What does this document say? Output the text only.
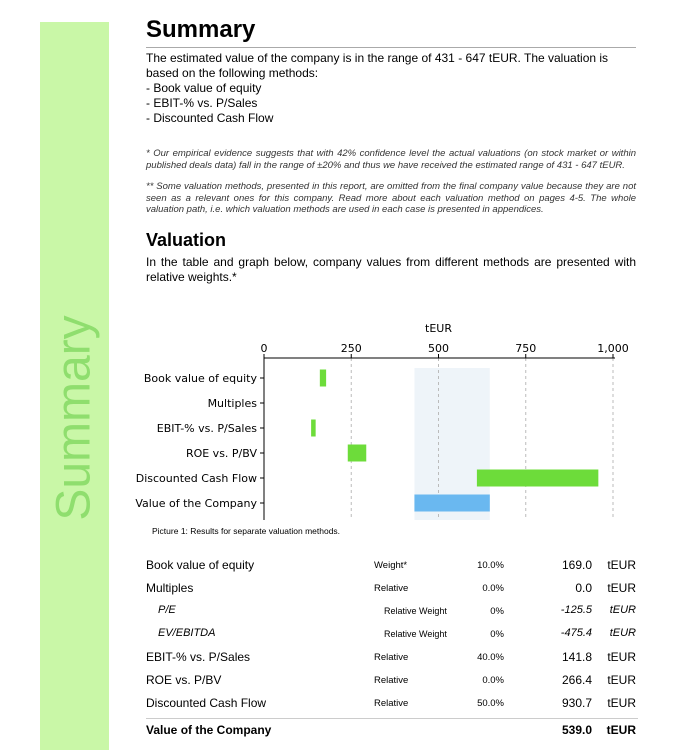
Summary
Summary
The estimated value of the company is in the range of 431 - 647 tEUR. The valuation is
based on the following methods:
- Book value of equity
- EBIT-% vs. P/Sales
- Discounted Cash Flow
* Our empirical evidence suggests that with 42% confidence level the actual valuations (on stock market or within published deals data) fall in the range of ±20% and thus we have received the estimated range of 431 - 647 tEUR.
** Some valuation methods, presented in this report, are omitted from the final company value because they are not seen as a relevant ones for this company. Read more about each valuation method on pages 4-5. The whole valuation path, i.e. which valuation methods are used in each case is presented in appendices.
Valuation
In the table and graph below, company values from different methods are presented with relative weights.*
0	250	500	750	1,000
tEUR
Book value of equity
Multiples
EBIT-% vs. P/Sales
ROE vs. P/BV
Discounted Cash Flow
Value of the Company
Picture 1: Results for separate valuation methods.
Book value of equity	Weight*	10.0%	169.0 tEUR
Multiples	Relative	0.0%	0.0 tEUR
P/E	Relative Weight	0%	-125.5 tEUR
EV/EBITDA	Relative Weight	0%	-475.4 tEUR
EBIT-% vs. P/Sales	Relative	40.0%	141.8 tEUR
ROE vs. P/BV	Relative	0.0%	266.4 tEUR
Discounted Cash Flow	Relative	50.0%	930.7 tEUR
Value of the Company	539.0 tEUR
